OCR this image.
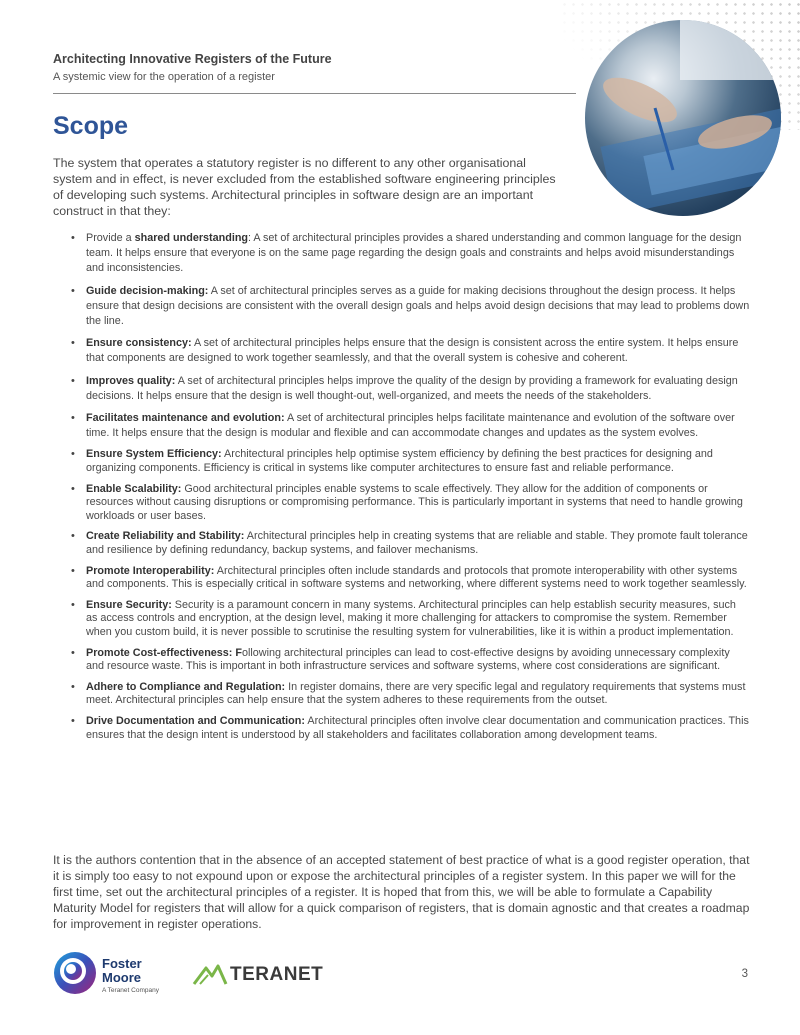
Architecting Innovative Registers of the Future
A systemic view for the operation of a register
Scope

The system that operates a statutory register is no different to any other organisational system and in effect, is never excluded from the established software engineering principles of developing such systems. Architectural principles in software design are an important construct in that they:

• Provide a shared understanding: A set of architectural principles provides a shared understanding and common language for the design team. It helps ensure that everyone is on the same page regarding the design goals and constraints and helps avoid misunderstandings and inconsistencies.
• Guide decision-making: A set of architectural principles serves as a guide for making decisions throughout the design process. It helps ensure that design decisions are consistent with the overall design goals and helps avoid design decisions that may lead to problems down the line.
• Ensure consistency: A set of architectural principles helps ensure that the design is consistent across the entire system. It helps ensure that components are designed to work together seamlessly, and that the overall system is cohesive and coherent.
• Improves quality: A set of architectural principles helps improve the quality of the design by providing a framework for evaluating design decisions. It helps ensure that the design is well thought-out, well-organized, and meets the needs of the stakeholders.
• Facilitates maintenance and evolution: A set of architectural principles helps facilitate maintenance and evolution of the software over time. It helps ensure that the design is modular and flexible and can accommodate changes and updates as the system evolves.
• Ensure System Efficiency: Architectural principles help optimise system efficiency by defining the best practices for designing and organizing components. Efficiency is critical in systems like computer architectures to ensure fast and reliable performance.
• Enable Scalability: Good architectural principles enable systems to scale effectively. They allow for the addition of components or resources without causing disruptions or compromising performance. This is particularly important in systems that need to handle growing workloads or user bases.
• Create Reliability and Stability: Architectural principles help in creating systems that are reliable and stable. They promote fault tolerance and resilience by defining redundancy, backup systems, and failover mechanisms.
• Promote Interoperability: Architectural principles often include standards and protocols that promote interoperability with other systems and components. This is especially critical in software systems and networking, where different systems need to work together seamlessly.
• Ensure Security: Security is a paramount concern in many systems. Architectural principles can help establish security measures, such as access controls and encryption, at the design level, making it more challenging for attackers to compromise the system. Remember when you custom build, it is never possible to scrutinise the resulting system for vulnerabilities, like it is within a product implementation.
• Promote Cost-effectiveness: Following architectural principles can lead to cost-effective designs by avoiding unnecessary complexity and resource waste. This is important in both infrastructure services and software systems, where cost considerations are significant.
• Adhere to Compliance and Regulation: In register domains, there are very specific legal and regulatory requirements that systems must meet. Architectural principles can help ensure that the system adheres to these requirements from the outset.
• Drive Documentation and Communication: Architectural principles often involve clear documentation and communication practices. This ensures that the design intent is understood by all stakeholders and facilitates collaboration among development teams.

It is the authors contention that in the absence of an accepted statement of best practice of what is a good register operation, that it is simply too easy to not expound upon or expose the architectural principles of a register system. In this paper we will for the first time, set out the architectural principles of a register. It is hoped that from this, we will be able to formulate a Capability Maturity Model for registers that will allow for a quick comparison of registers, that is domain agnostic and that creates a roadmap for improvement in register operations.

Foster
Moore
A Teranet Company
TERANET	3
